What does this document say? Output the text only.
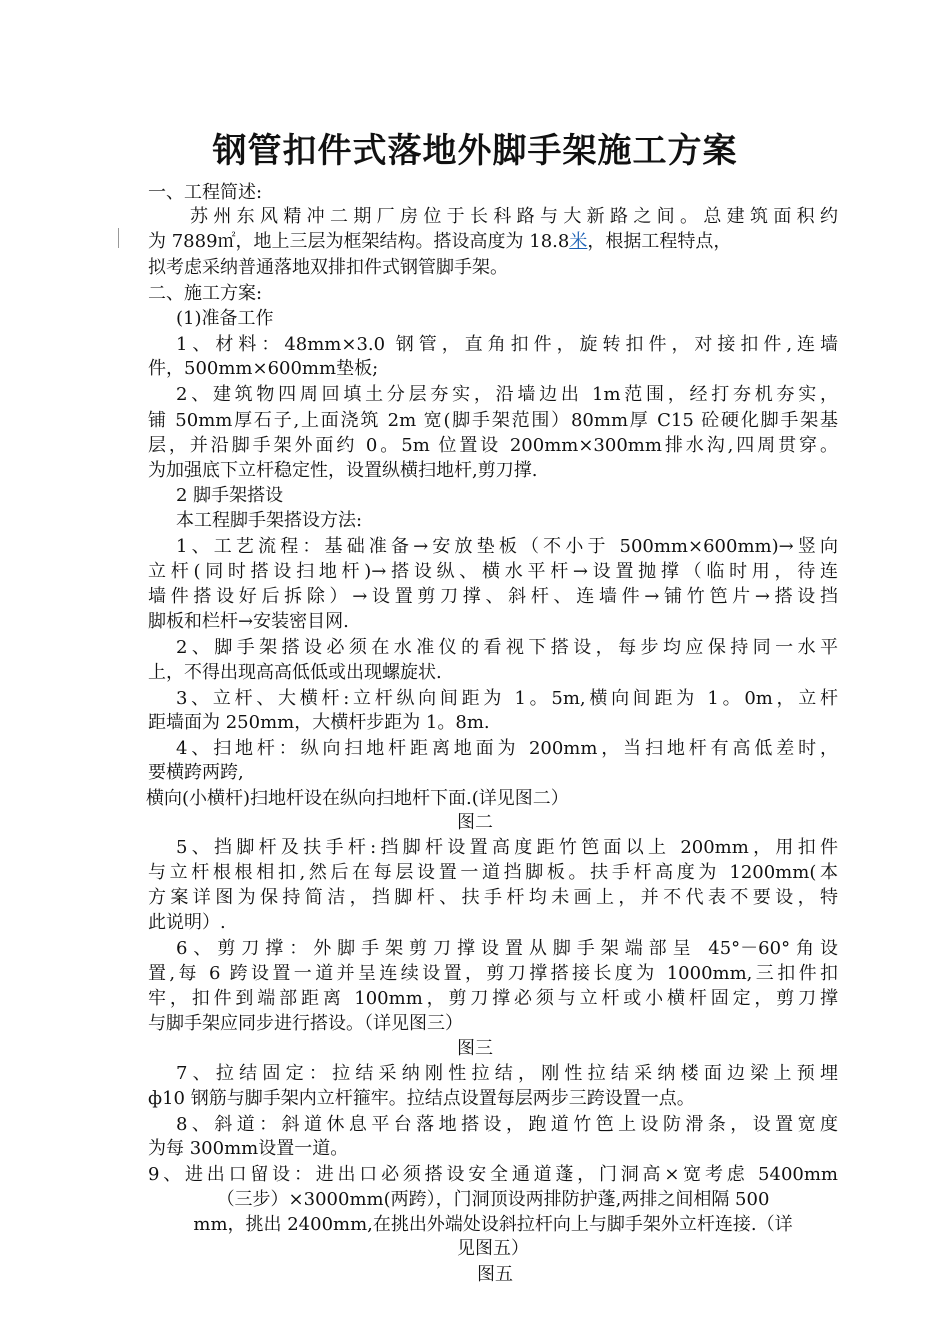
钢管扣件式落地外脚手架施工方案
一、工程简述:
苏州东风精冲二期厂房位于长科路与大新路之间。总建筑面积约
为 7889㎡，地上三层为框架结构。搭设高度为 18.8米，根据工程特点，
拟考虑采纳普通落地双排扣件式钢管脚手架。
二、施工方案:
(1)准备工作
1、材料：48mm×3.0 钢管，直角扣件，旋转扣件，对接扣件,连墙
件，500mm×600mm垫板;
2、建筑物四周回填土分层夯实，沿墙边出 1m范围，经打夯机夯实，
铺 50mm厚石子,上面浇筑 2m 宽(脚手架范围）80mm厚 C15 砼硬化脚手架基
层，并沿脚手架外面约 0。5m 位置设 200mm×300mm排水沟,四周贯穿。
为加强底下立杆稳定性，设置纵横扫地杆,剪刀撑.
2 脚手架搭设
本工程脚手架搭设方法:
1、工艺流程：基础准备→安放垫板（不小于 500mm×600mm)→竖向
立杆(同时搭设扫地杆)→搭设纵、横水平杆→设置抛撑（临时用，待连
墙件搭设好后拆除）→设置剪刀撑、斜杆、连墙件→铺竹笆片→搭设挡
脚板和栏杆→安装密目网.
2、脚手架搭设必须在水准仪的看视下搭设，每步均应保持同一水平
上，不得出现高高低低或出现螺旋状.
3、立杆、大横杆:立杆纵向间距为 1。5m,横向间距为 1。0m，立杆
距墙面为 250mm，大横杆步距为 1。8m.
4、扫地杆：纵向扫地杆距离地面为 200mm，当扫地杆有高低差时，
要横跨两跨,
横向(小横杆)扫地杆设在纵向扫地杆下面.(详见图二）
图二
5、挡脚杆及扶手杆:挡脚杆设置高度距竹笆面以上 200mm，用扣件
与立杆根根相扣,然后在每层设置一道挡脚板。扶手杆高度为 1200mm(本
方案详图为保持简洁，挡脚杆、扶手杆均未画上，并不代表不要设，特
此说明）.
6、剪刀撑：外脚手架剪刀撑设置从脚手架端部呈 45°－60°角设
置,每 6 跨设置一道并呈连续设置，剪刀撑搭接长度为 1000mm,三扣件扣
牢，扣件到端部距离 100mm，剪刀撑必须与立杆或小横杆固定，剪刀撑
与脚手架应同步进行搭设。（详见图三）
图三
7、拉结固定：拉结采纳刚性拉结，刚性拉结采纳楼面边梁上预埋
ф10 钢筋与脚手架内立杆箍牢。拉结点设置每层两步三跨设置一点。
8、斜道：斜道休息平台落地搭设，跑道竹笆上设防滑条，设置宽度
为每 300mm设置一道。
9、进出口留设：进出口必须搭设安全通道蓬，门洞高×宽考虑 5400mm
（三步）×3000mm(两跨），门洞顶设两排防护蓬,两排之间相隔 500
mm，挑出 2400mm,在挑出外端处设斜拉杆向上与脚手架外立杆连接.（详
见图五）
图五
